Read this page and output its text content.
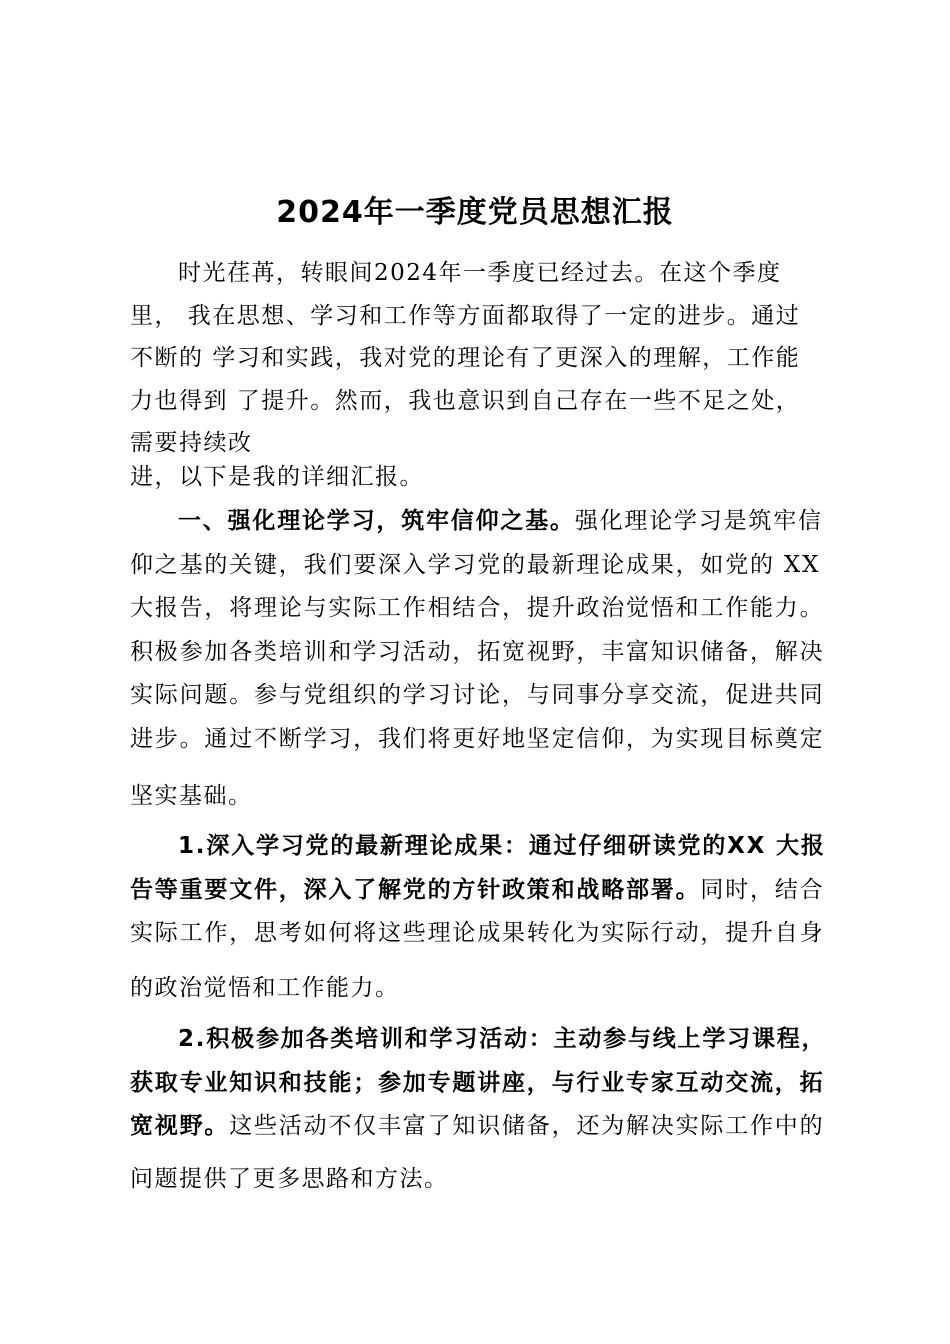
2024年一季度党员思想汇报

时光荏苒，转眼间2024年一季度已经过去。在这个季度
里， 我在思想、学习和工作等方面都取得了一定的进步。通过
不断的 学习和实践，我对党的理论有了更深入的理解，工作能
力也得到 了提升。然而，我也意识到自己存在一些不足之处，
需要持续改

进，以下是我的详细汇报。

一、强化理论学习，筑牢信仰之基。强化理论学习是筑牢信仰之基的关键，我们要深入学习党的最新理论成果，如党的 XX 大报告，将理论与实际工作相结合，提升政治觉悟和工作能力。积极参加各类培训和学习活动，拓宽视野，丰富知识储备，解决实际问题。参与党组织的学习讨论，与同事分享交流，促进共同进步。通过不断学习，我们将更好地坚定信仰，为实现目标奠定

坚实基础。

1.深入学习党的最新理论成果：通过仔细研读党的XX 大报告等重要文件，深入了解党的方针政策和战略部署。同时，结合实际工作，思考如何将这些理论成果转化为实际行动，提升自身

的政治觉悟和工作能力。

2.积极参加各类培训和学习活动：主动参与线上学习课程，获取专业知识和技能；参加专题讲座，与行业专家互动交流，拓宽视野。这些活动不仅丰富了知识储备，还为解决实际工作中的

问题提供了更多思路和方法。
